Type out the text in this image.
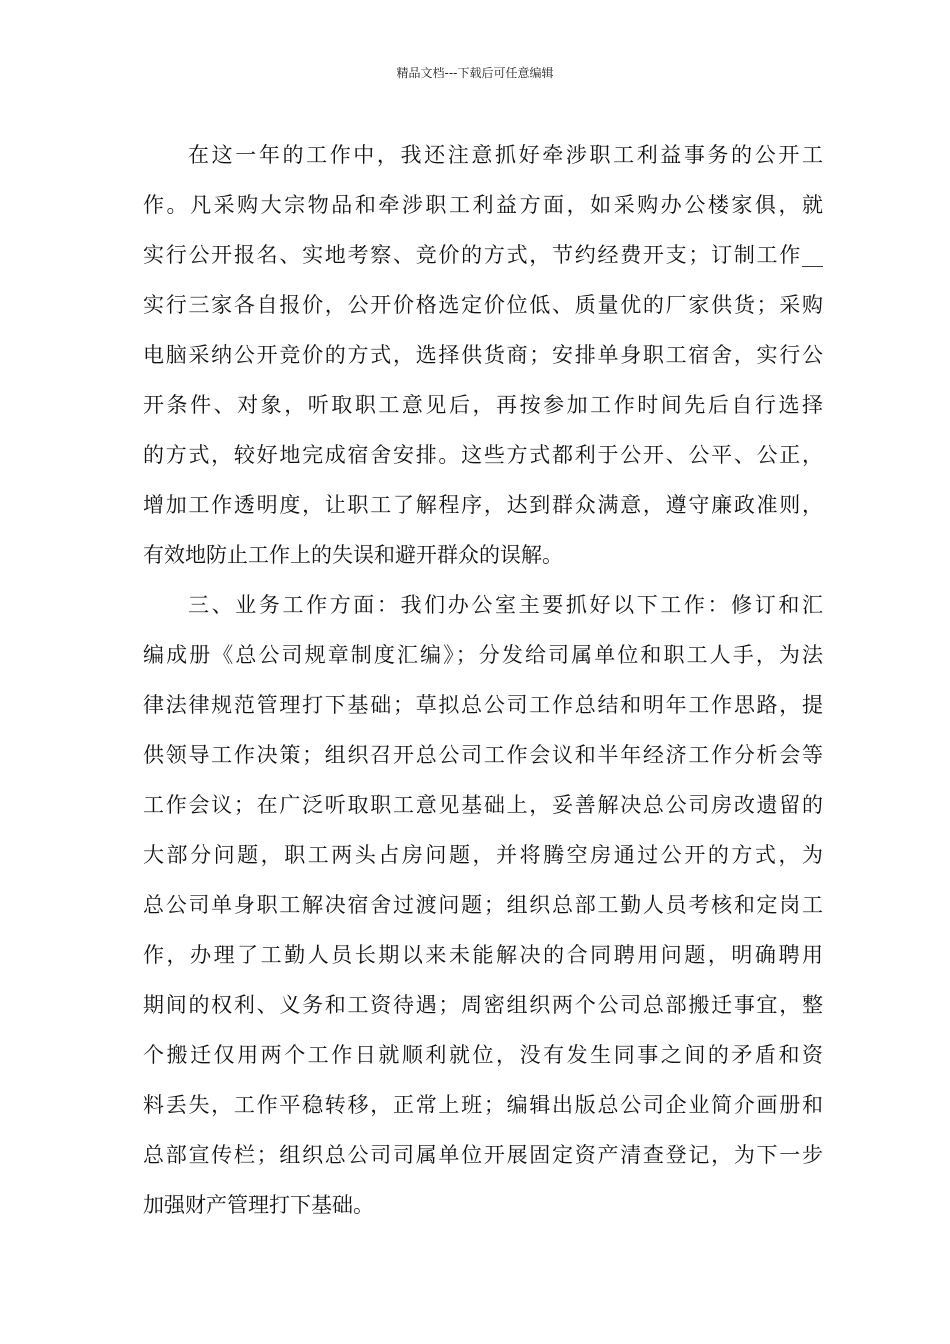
精品文档---下载后可任意编辑
在这一年的工作中，我还注意抓好牵涉职工利益事务的公开工
作。凡采购大宗物品和牵涉职工利益方面，如采购办公楼家俱，就
实行公开报名、实地考察、竞价的方式，节约经费开支；订制工作__
实行三家各自报价，公开价格选定价位低、质量优的厂家供货；采购
电脑采纳公开竞价的方式，选择供货商；安排单身职工宿舍，实行公
开条件、对象，听取职工意见后，再按参加工作时间先后自行选择
的方式，较好地完成宿舍安排。这些方式都利于公开、公平、公正，
增加工作透明度，让职工了解程序，达到群众满意，遵守廉政准则，
有效地防止工作上的失误和避开群众的误解。
三、业务工作方面：我们办公室主要抓好以下工作：修订和汇
编成册《总公司规章制度汇编》；分发给司属单位和职工人手，为法
律法律规范管理打下基础；草拟总公司工作总结和明年工作思路，提
供领导工作决策；组织召开总公司工作会议和半年经济工作分析会等
工作会议；在广泛听取职工意见基础上，妥善解决总公司房改遗留的
大部分问题，职工两头占房问题，并将腾空房通过公开的方式，为
总公司单身职工解决宿舍过渡问题；组织总部工勤人员考核和定岗工
作，办理了工勤人员长期以来未能解决的合同聘用问题，明确聘用
期间的权利、义务和工资待遇；周密组织两个公司总部搬迁事宜，整
个搬迁仅用两个工作日就顺利就位，没有发生同事之间的矛盾和资
料丢失，工作平稳转移，正常上班；编辑出版总公司企业简介画册和
总部宣传栏；组织总公司司属单位开展固定资产清查登记，为下一步
加强财产管理打下基础。
